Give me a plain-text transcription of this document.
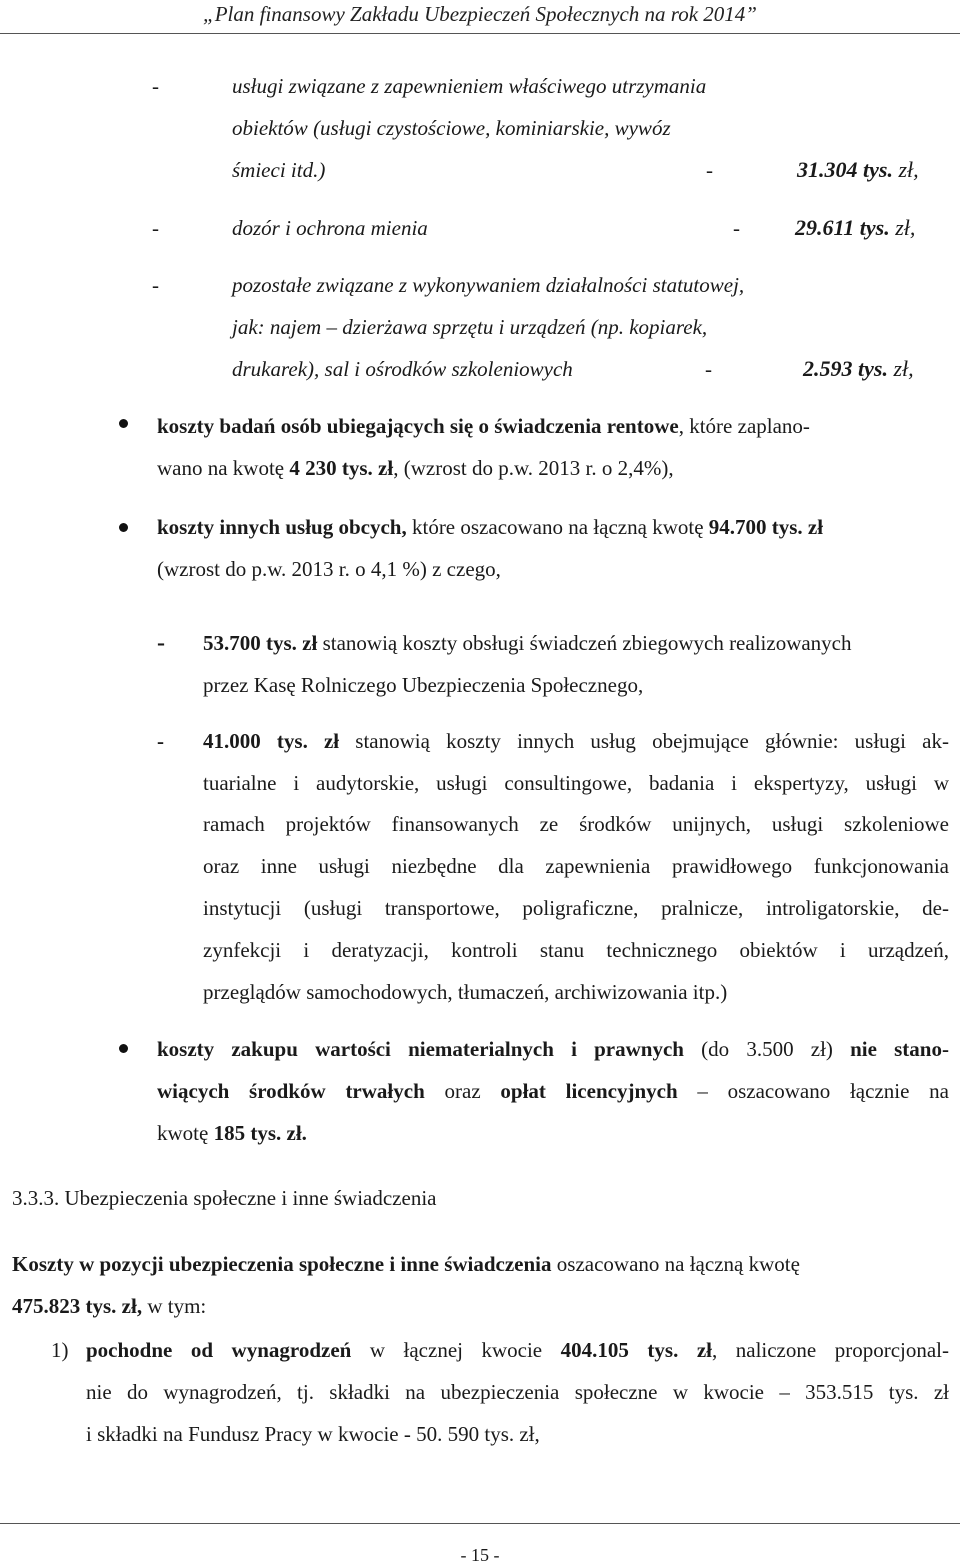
„Plan finansowy Zakładu Ubezpieczeń Społecznych na rok 2014”
-	usługi związane z zapewnieniem właściwego utrzymania
obiektów (usługi czystościowe, kominiarskie, wywóz
śmieci itd.)	-	31.304 tys. zł,
-	dozór i ochrona mienia	-	29.611 tys. zł,
-	pozostałe związane z wykonywaniem działalności statutowej,
jak: najem – dzierżawa sprzętu i urządzeń (np. kopiarek,
drukarek), sal i ośrodków szkoleniowych	-	2.593 tys. zł,
koszty badań osób ubiegających się o świadczenia rentowe, które zaplano-
wano na kwotę 4 230 tys. zł, (wzrost do p.w. 2013 r. o 2,4%),
koszty innych usług obcych, które oszacowano na łączną kwotę 94.700 tys. zł
(wzrost do p.w. 2013 r. o 4,1 %) z czego,
- 53.700 tys. zł stanowią koszty obsługi świadczeń zbiegowych realizowanych
przez Kasę Rolniczego Ubezpieczenia Społecznego,
- 41.000 tys. zł stanowią koszty innych usług obejmujące głównie: usługi ak-
tuarialne i audytorskie, usługi consultingowe, badania i ekspertyzy, usługi w
ramach projektów finansowanych ze środków unijnych, usługi szkoleniowe
oraz inne usługi niezbędne dla zapewnienia prawidłowego funkcjonowania
instytucji (usługi transportowe, poligraficzne, pralnicze, introligatorskie, de-
zynfekcji i deratyzacji, kontroli stanu technicznego obiektów i urządzeń,
przeglądów samochodowych, tłumaczeń, archiwizowania itp.)
koszty zakupu wartości niematerialnych i prawnych (do 3.500 zł) nie stano-
wiących środków trwałych oraz opłat licencyjnych – oszacowano łącznie na
kwotę 185 tys. zł.
3.3.3. Ubezpieczenia społeczne i inne świadczenia
Koszty w pozycji ubezpieczenia społeczne i inne świadczenia oszacowano na łączną kwotę
475.823 tys. zł, w tym:
1) pochodne od wynagrodzeń w łącznej kwocie 404.105 tys. zł, naliczone proporcjonal-
nie do wynagrodzeń, tj. składki na ubezpieczenia społeczne w kwocie – 353.515 tys. zł
i składki na Fundusz Pracy w kwocie - 50. 590 tys. zł,
- 15 -
